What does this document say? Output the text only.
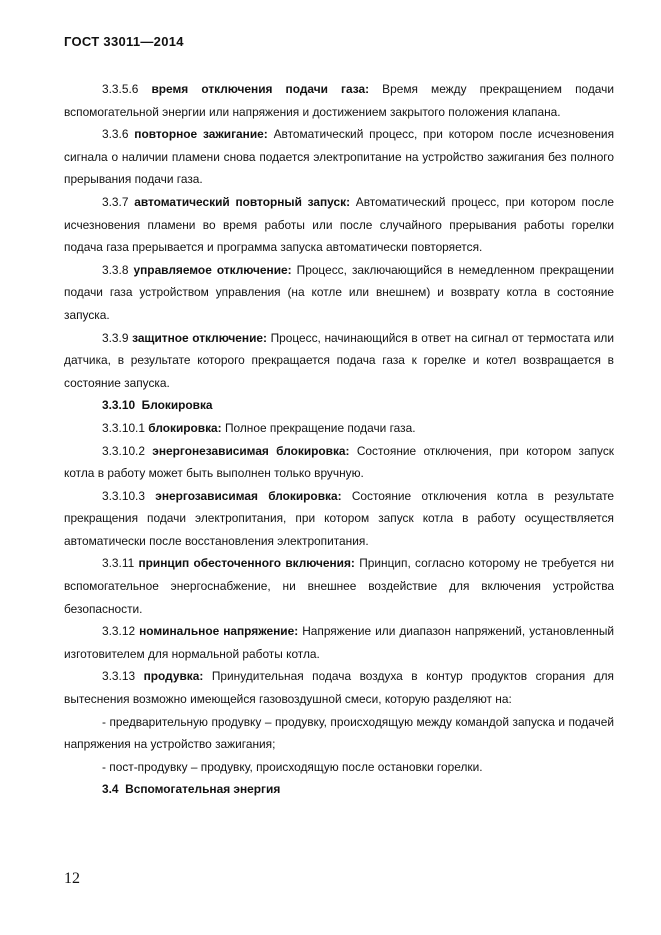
ГОСТ 33011—2014

3.3.5.6 время отключения подачи газа: Время между прекращением подачи вспомогательной энергии или напряжения и достижением закрытого положения клапана.

3.3.6 повторное зажигание: Автоматический процесс, при котором после исчезновения сигнала о наличии пламени снова подается электропитание на устройство зажигания без полного прерывания подачи газа.

3.3.7 автоматический повторный запуск: Автоматический процесс, при котором после исчезновения пламени во время работы или после случайного прерывания работы горелки подача газа прерывается и программа запуска автоматически повторяется.

3.3.8 управляемое отключение: Процесс, заключающийся в немедленном прекращении подачи газа устройством управления (на котле или внешнем) и возврату котла в состояние запуска.

3.3.9 защитное отключение: Процесс, начинающийся в ответ на сигнал от термостата или датчика, в результате которого прекращается подача газа к горелке и котел возвращается в состояние запуска.

3.3.10 Блокировка

3.3.10.1 блокировка: Полное прекращение подачи газа.

3.3.10.2 энергонезависимая блокировка: Состояние отключения, при котором запуск котла в работу может быть выполнен только вручную.

3.3.10.3 энергозависимая блокировка: Состояние отключения котла в результате прекращения подачи электропитания, при котором запуск котла в работу осуществляется автоматически после восстановления электропитания.

3.3.11 принцип обесточенного включения: Принцип, согласно которому не требуется ни вспомогательное энергоснабжение, ни внешнее воздействие для включения устройства безопасности.

3.3.12 номинальное напряжение: Напряжение или диапазон напряжений, установленный изготовителем для нормальной работы котла.

3.3.13 продувка: Принудительная подача воздуха в контур продуктов сгорания для вытеснения возможно имеющейся газовоздушной смеси, которую разделяют на:

- предварительную продувку – продувку, происходящую между командой запуска и подачей напряжения на устройство зажигания;

- пост-продувку – продувку, происходящую после остановки горелки.

3.4 Вспомогательная энергия

12
